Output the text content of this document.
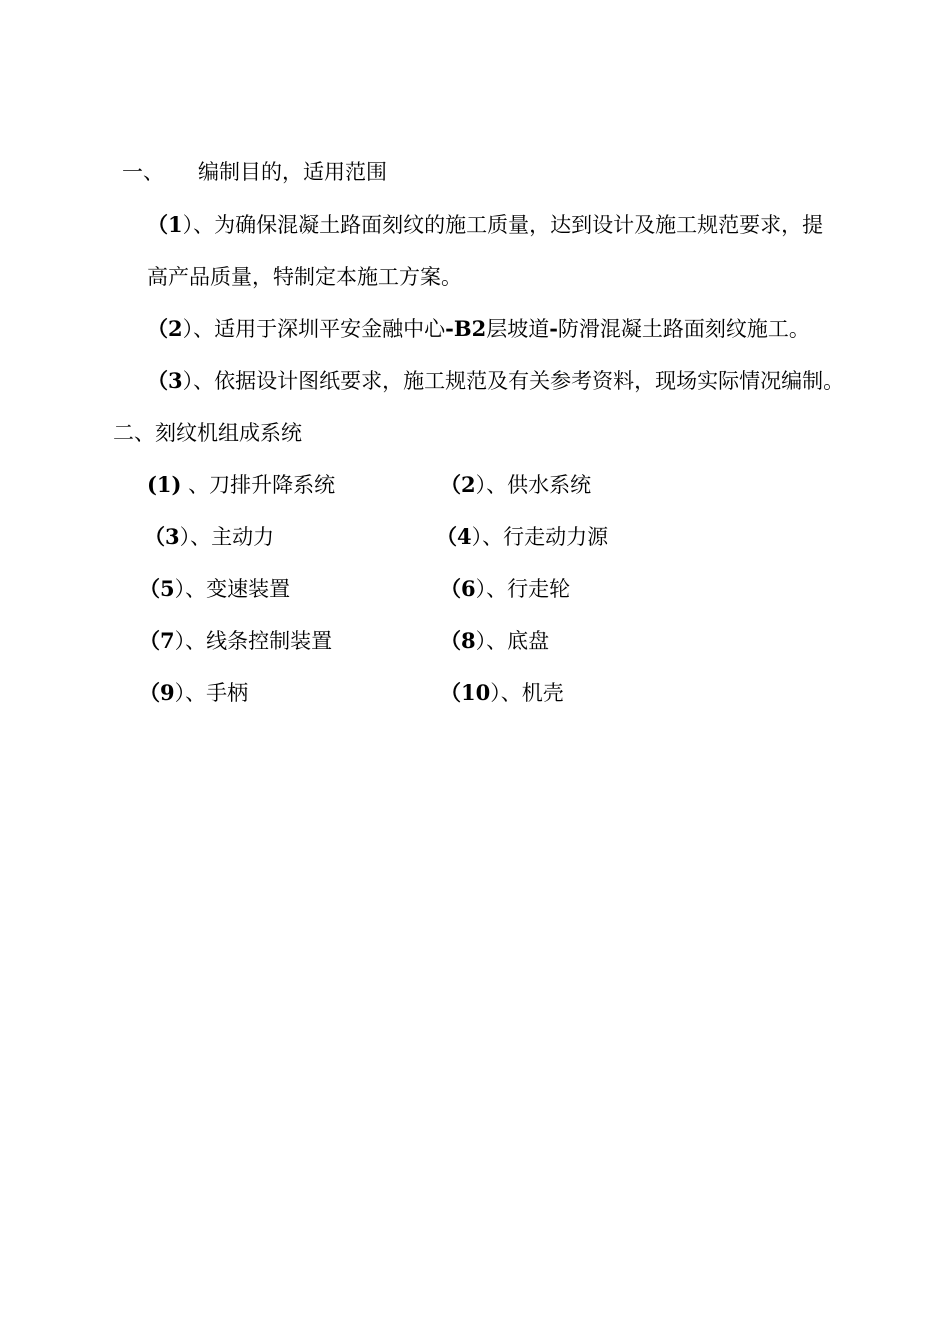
一、 编制目的，适用范围
（1）、为确保混凝土路面刻纹的施工质量，达到设计及施工规范要求，提
高产品质量，特制定本施工方案。
（2）、适用于深圳平安金融中心-B2层坡道-防滑混凝土路面刻纹施工。
（3）、依据设计图纸要求，施工规范及有关参考资料，现场实际情况编制。
二、刻纹机组成系统
(1) 、刀排升降系统	（2）、供水系统
（3）、主动力	（4）、行走动力源
（5）、变速装置	（6）、行走轮
（7）、线条控制装置	（8）、底盘
（9）、手柄	（10）、机壳
